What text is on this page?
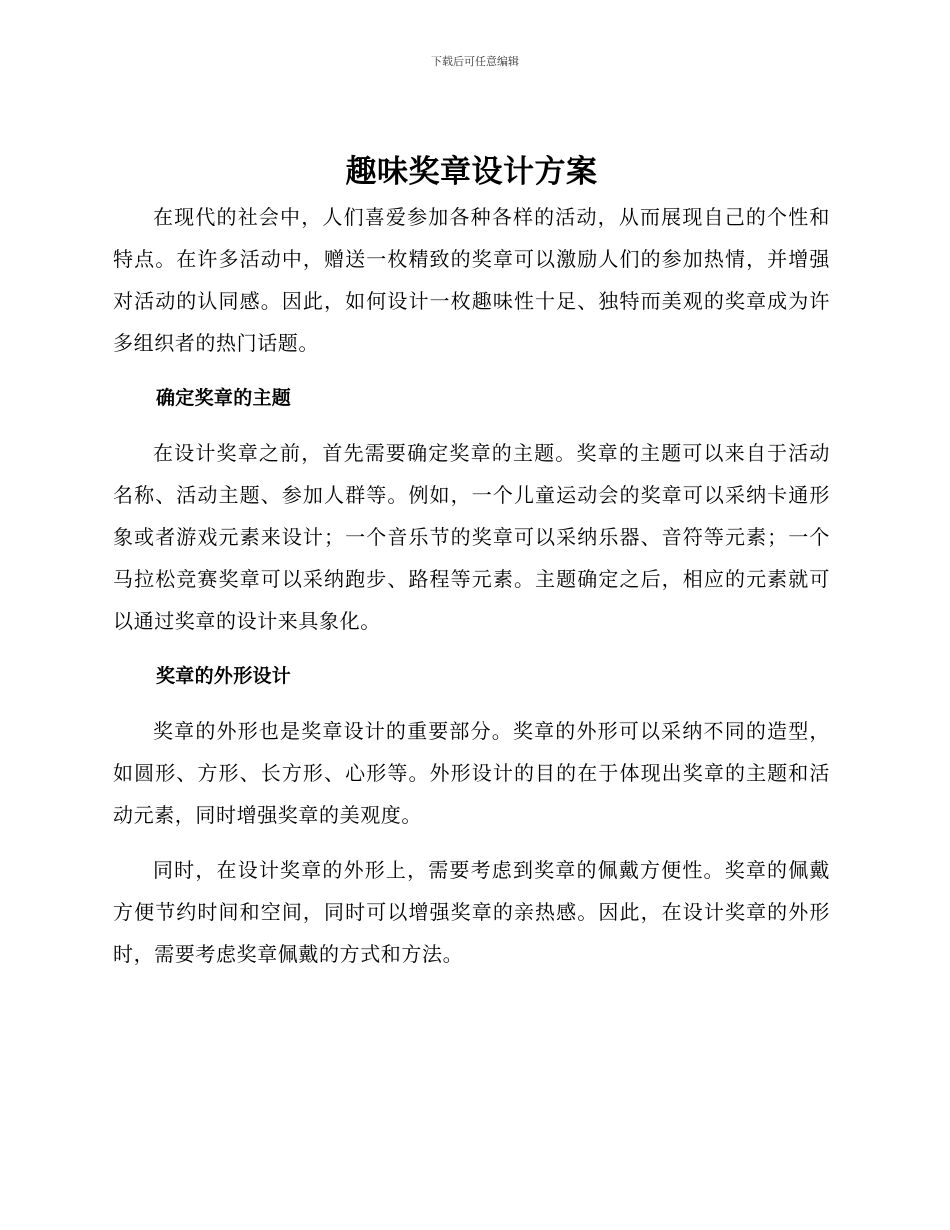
下载后可任意编辑
趣味奖章设计方案

在现代的社会中，人们喜爱参加各种各样的活动，从而展现自己的个性和特点。在许多活动中，赠送一枚精致的奖章可以激励人们的参加热情，并增强对活动的认同感。因此，如何设计一枚趣味性十足、独特而美观的奖章成为许多组织者的热门话题。

确定奖章的主题

在设计奖章之前，首先需要确定奖章的主题。奖章的主题可以来自于活动名称、活动主题、参加人群等。例如，一个儿童运动会的奖章可以采纳卡通形象或者游戏元素来设计；一个音乐节的奖章可以采纳乐器、音符等元素；一个马拉松竞赛奖章可以采纳跑步、路程等元素。主题确定之后，相应的元素就可以通过奖章的设计来具象化。

奖章的外形设计

奖章的外形也是奖章设计的重要部分。奖章的外形可以采纳不同的造型，如圆形、方形、长方形、心形等。外形设计的目的在于体现出奖章的主题和活动元素，同时增强奖章的美观度。

同时，在设计奖章的外形上，需要考虑到奖章的佩戴方便性。奖章的佩戴方便节约时间和空间，同时可以增强奖章的亲热感。因此，在设计奖章的外形时，需要考虑奖章佩戴的方式和方法。
